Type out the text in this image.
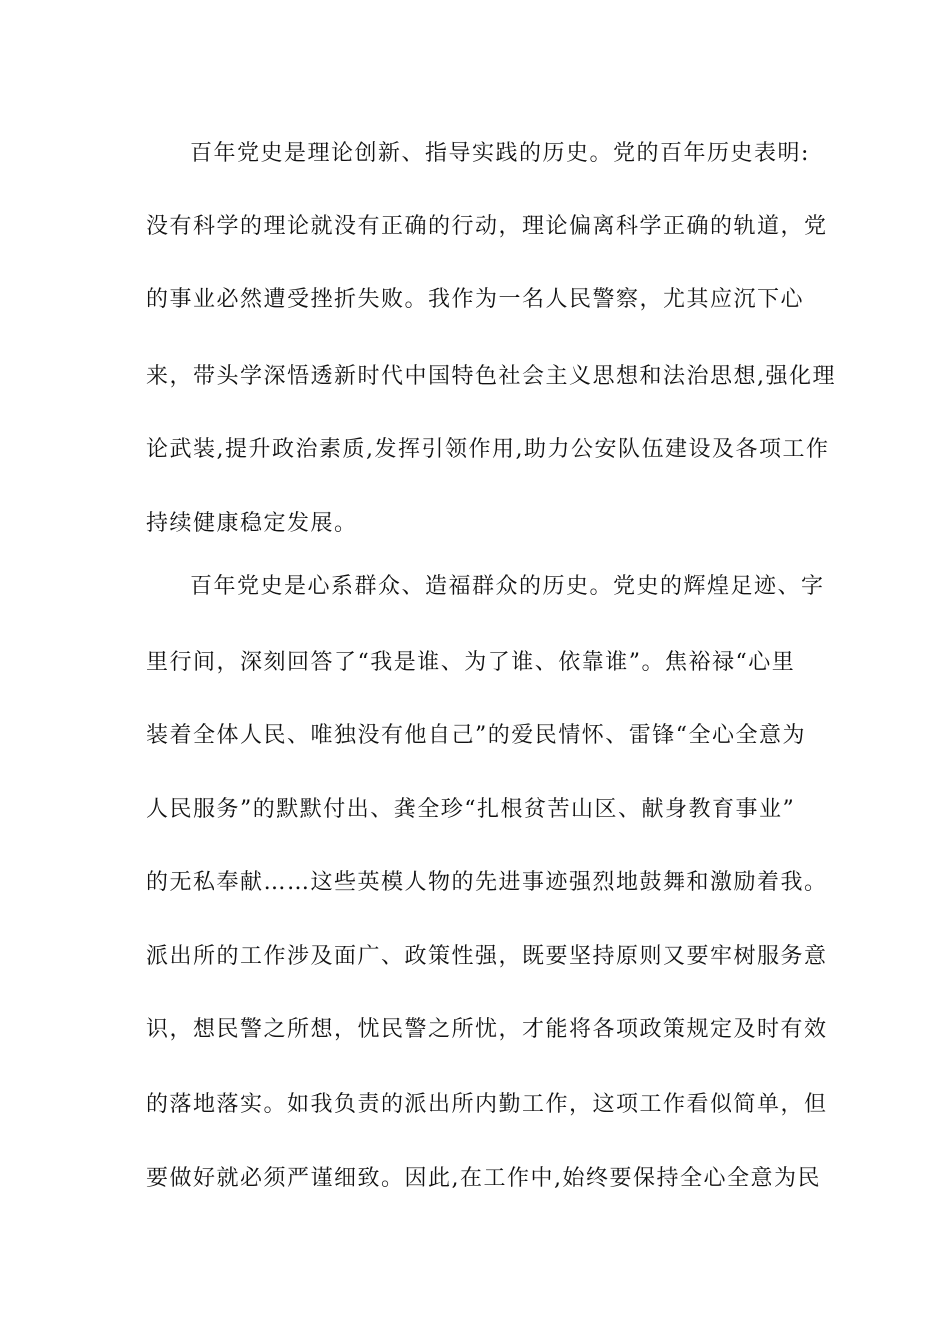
百年党史是理论创新、指导实践的历史。党的百年历史表明:
没有科学的理论就没有正确的行动，理论偏离科学正确的轨道，党
的事业必然遭受挫折失败。我作为一名人民警察，尤其应沉下心
来，带头学深悟透新时代中国特色社会主义思想和法治思想,强化理
论武装,提升政治素质,发挥引领作用,助力公安队伍建设及各项工作
持续健康稳定发展。
百年党史是心系群众、造福群众的历史。党史的辉煌足迹、字
里行间，深刻回答了“我是谁、为了谁、依靠谁”。焦裕禄“心里
装着全体人民、唯独没有他自己”的爱民情怀、雷锋“全心全意为
人民服务”的默默付出、龚全珍“扎根贫苦山区、献身教育事业”
的无私奉献……这些英模人物的先进事迹强烈地鼓舞和激励着我。
派出所的工作涉及面广、政策性强，既要坚持原则又要牢树服务意
识，想民警之所想，忧民警之所忧，才能将各项政策规定及时有效
的落地落实。如我负责的派出所内勤工作，这项工作看似简单，但
要做好就必须严谨细致。因此,在工作中,始终要保持全心全意为民
